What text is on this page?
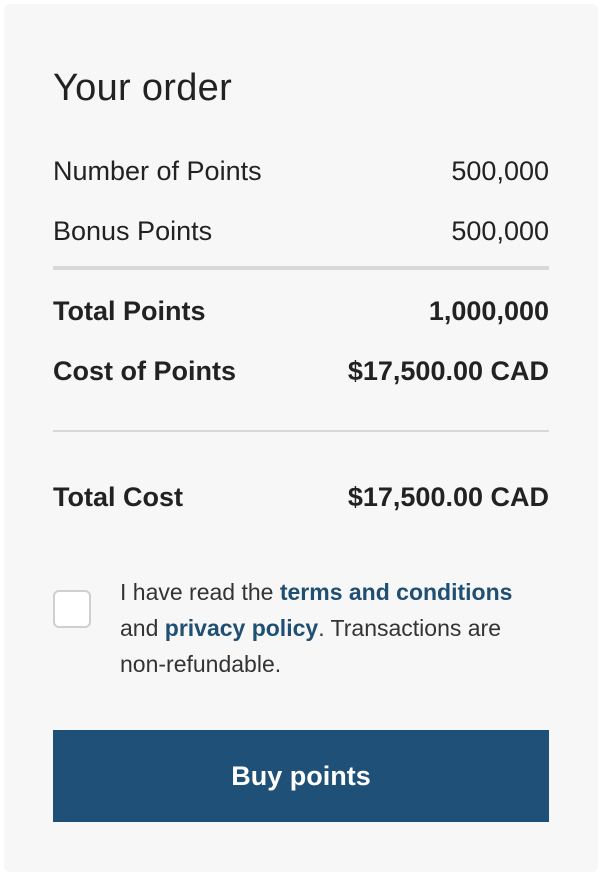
Your order
Number of Points	500,000
Bonus Points	500,000
Total Points	1,000,000
Cost of Points	$17,500.00 CAD
Total Cost	$17,500.00 CAD
I have read the terms and conditions and privacy policy. Transactions are non-refundable.
Buy points
